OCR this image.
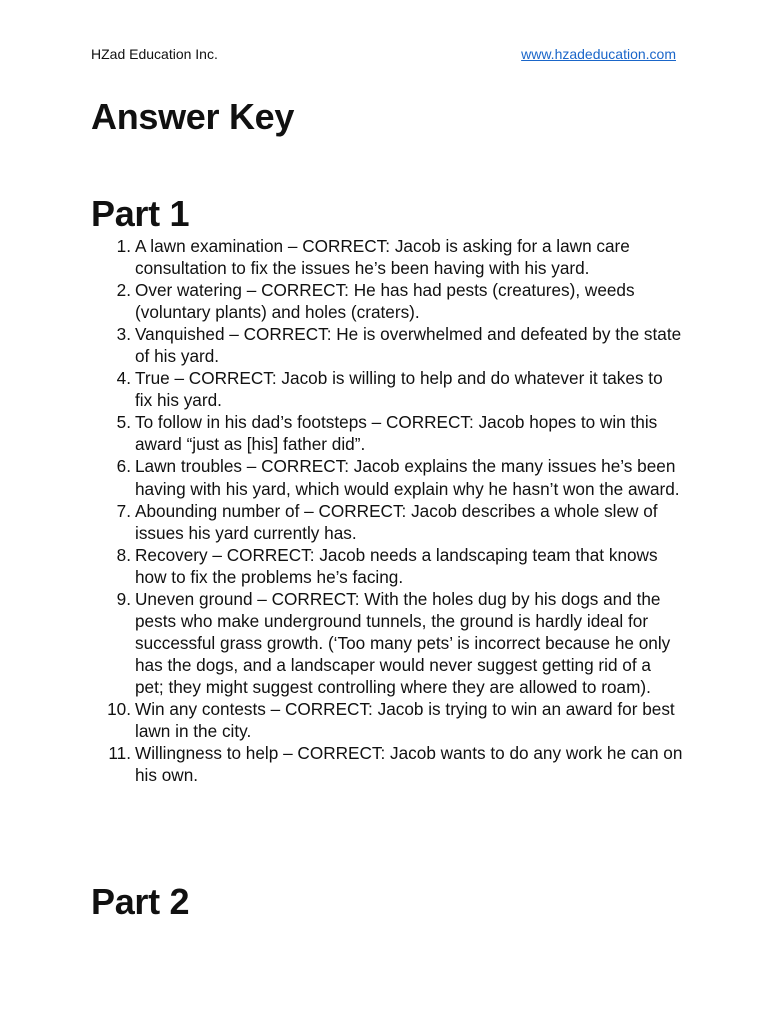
HZad Education Inc.	www.hzadeducation.com
Answer Key
Part 1
1. A lawn examination – CORRECT: Jacob is asking for a lawn care consultation to fix the issues he’s been having with his yard.
2. Over watering – CORRECT: He has had pests (creatures), weeds (voluntary plants) and holes (craters).
3. Vanquished – CORRECT: He is overwhelmed and defeated by the state of his yard.
4. True – CORRECT: Jacob is willing to help and do whatever it takes to fix his yard.
5. To follow in his dad’s footsteps – CORRECT: Jacob hopes to win this award “just as [his] father did”.
6. Lawn troubles – CORRECT: Jacob explains the many issues he’s been having with his yard, which would explain why he hasn’t won the award.
7. Abounding number of – CORRECT: Jacob describes a whole slew of issues his yard currently has.
8. Recovery – CORRECT: Jacob needs a landscaping team that knows how to fix the problems he’s facing.
9. Uneven ground – CORRECT: With the holes dug by his dogs and the pests who make underground tunnels, the ground is hardly ideal for successful grass growth. (‘Too many pets’ is incorrect because he only has the dogs, and a landscaper would never suggest getting rid of a pet; they might suggest controlling where they are allowed to roam).
10. Win any contests – CORRECT: Jacob is trying to win an award for best lawn in the city.
11. Willingness to help – CORRECT: Jacob wants to do any work he can on his own.
Part 2
